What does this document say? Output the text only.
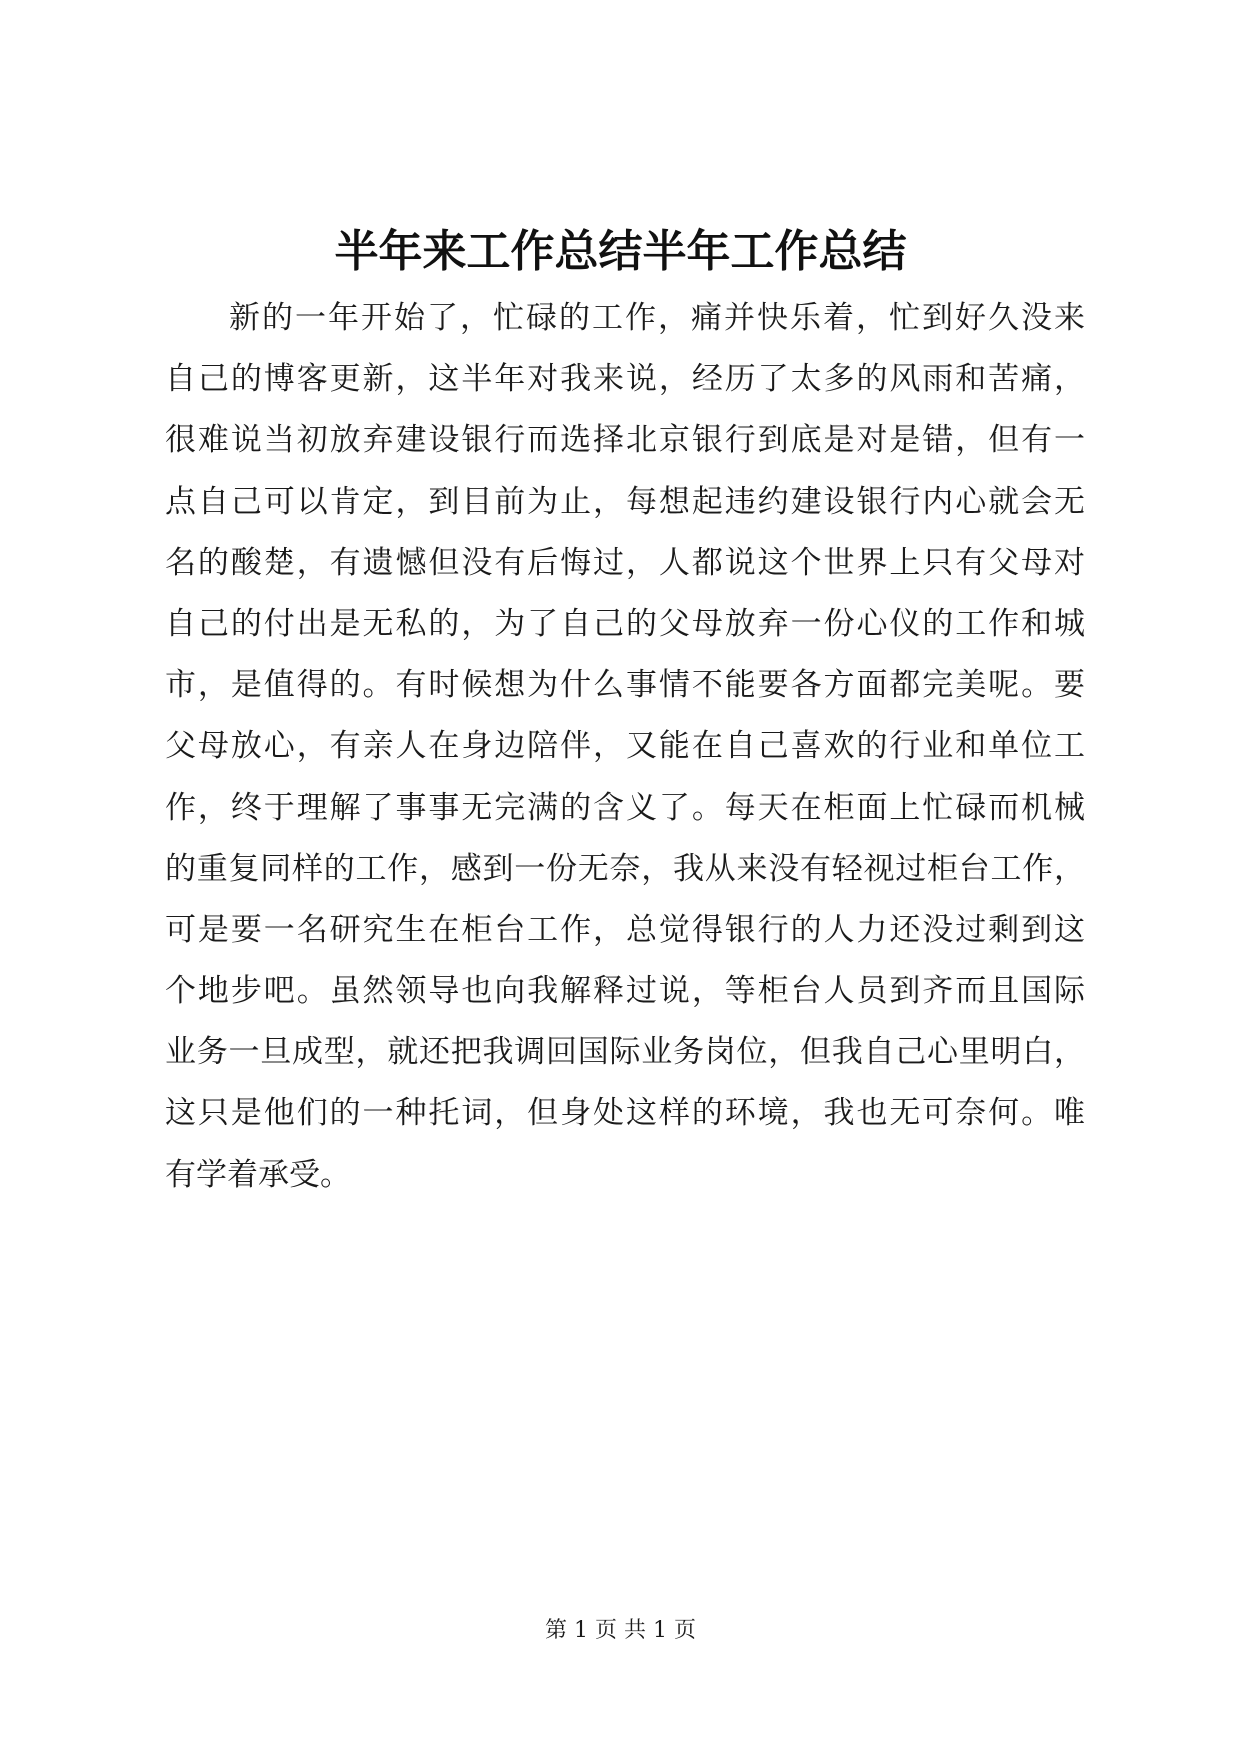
半年来工作总结半年工作总结
新的一年开始了，忙碌的工作，痛并快乐着，忙到好久没来
自己的博客更新，这半年对我来说，经历了太多的风雨和苦痛，
很难说当初放弃建设银行而选择北京银行到底是对是错，但有一
点自己可以肯定，到目前为止，每想起违约建设银行内心就会无
名的酸楚，有遗憾但没有后悔过，人都说这个世界上只有父母对
自己的付出是无私的，为了自己的父母放弃一份心仪的工作和城
市，是值得的。有时候想为什么事情不能要各方面都完美呢。要
父母放心，有亲人在身边陪伴，又能在自己喜欢的行业和单位工
作，终于理解了事事无完满的含义了。每天在柜面上忙碌而机械
的重复同样的工作，感到一份无奈，我从来没有轻视过柜台工作，
可是要一名研究生在柜台工作，总觉得银行的人力还没过剩到这
个地步吧。虽然领导也向我解释过说，等柜台人员到齐而且国际
业务一旦成型，就还把我调回国际业务岗位，但我自己心里明白，
这只是他们的一种托词，但身处这样的环境，我也无可奈何。唯
有学着承受。
第 1 页 共 1 页
